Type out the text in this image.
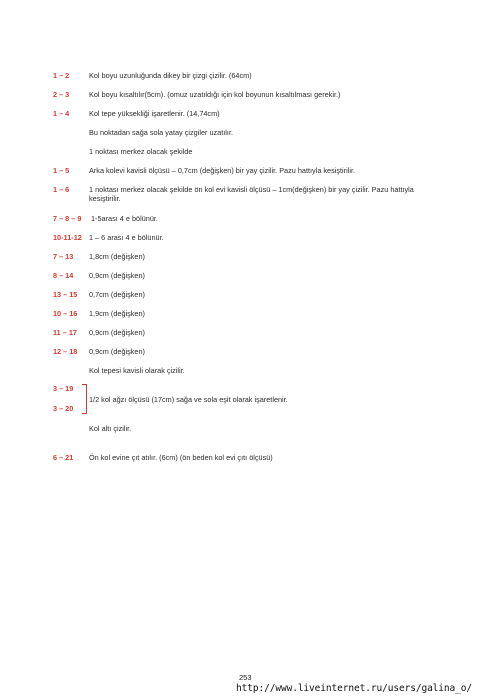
1 – 2	Kol boyu uzunluğunda dikey bir çizgi çizilir. (64cm)
2 – 3	Kol boyu kısaltılır(5cm). (omuz uzatıldığı için kol boyunun kısaltılması gerekir.)
1 – 4	Kol tepe yüksekliği işaretlenir. (14,74cm)
Bu noktadan sağa sola yatay çizgiler uzatılır.
1 noktası merkez olacak şekilde
1 – 5	Arka kolevi kavisli ölçüsü – 0,7cm (değişken) bir yay çizilir. Pazu hattıyla kesiştirilir.
1 – 6	1 noktası merkez olacak şekilde ön kol evi kavisli ölçüsü – 1cm(değişken) bir yay çizilir. Pazu hattıyla kesiştirilir.
7 – 8 – 9 1-5arası 4 e bölünür.
10-11-12 1 – 6 arası 4 e bölünür.
7 – 13 1,8cm (değişken)
8 – 14 0,9cm (değişken)
13 – 15 0,7cm (değişken)
10 – 16 1,9cm (değişken)
11 – 17 0,9cm (değişken)
12 – 18 0,9cm (değişken)
Kol tepesi kavisli olarak çizilir.
3 – 19
3 – 20
1/2 kol ağzı ölçüsü (17cm) sağa ve sola eşit olarak işaretlenir.
Kol altı çizilir.
6 – 21 Ön kol evine çıt atılır. (6cm) (ön beden kol evi çıtı ölçüsü)
253
http://www.liveinternet.ru/users/galina_o/
